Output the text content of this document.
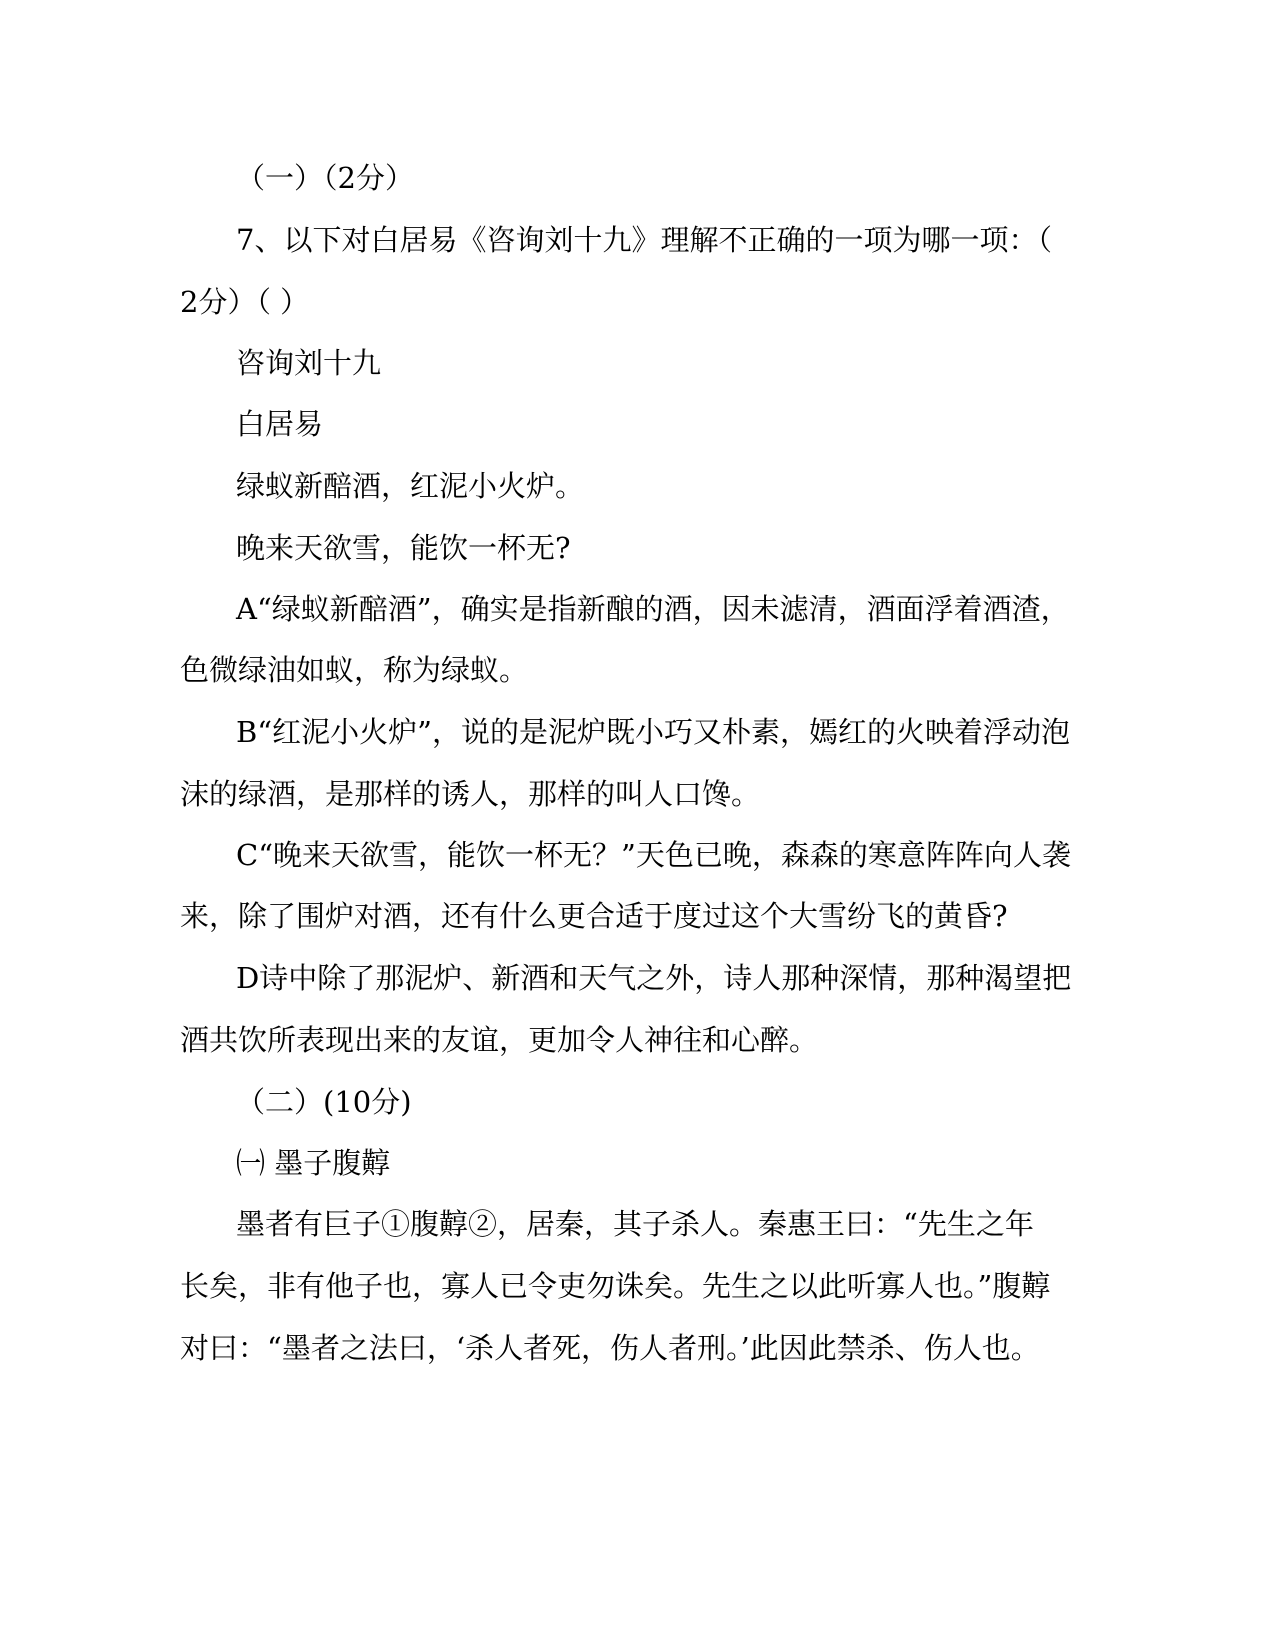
（一）（2分）
7、以下对白居易《咨询刘十九》理解不正确的一项为哪一项：（
2分）（ ）
咨询刘十九
白居易
绿蚁新醅酒，红泥小火炉。
晚来天欲雪，能饮一杯无?
A“绿蚁新醅酒”，确实是指新酿的酒，因未滤清，酒面浮着酒渣，
色微绿油如蚁，称为绿蚁。
B“红泥小火炉”，说的是泥炉既小巧又朴素，嫣红的火映着浮动泡
沫的绿酒，是那样的诱人，那样的叫人口馋。
C“晚来天欲雪，能饮一杯无？”天色已晚，森森的寒意阵阵向人袭
来，除了围炉对酒，还有什么更合适于度过这个大雪纷飞的黄昏?
D诗中除了那泥炉、新酒和天气之外，诗人那种深情，那种渴望把
酒共饮所表现出来的友谊，更加令人神往和心醉。
（二）(10分)
㈠ 墨子腹䵍
墨者有巨子①腹䵍②，居秦，其子杀人。秦惠王曰：“先生之年
长矣，非有他子也，寡人已令吏勿诛矣。先生之以此听寡人也。”腹䵍
对曰：“墨者之法曰，‘杀人者死，伤人者刑。’此因此禁杀、伤人也。
